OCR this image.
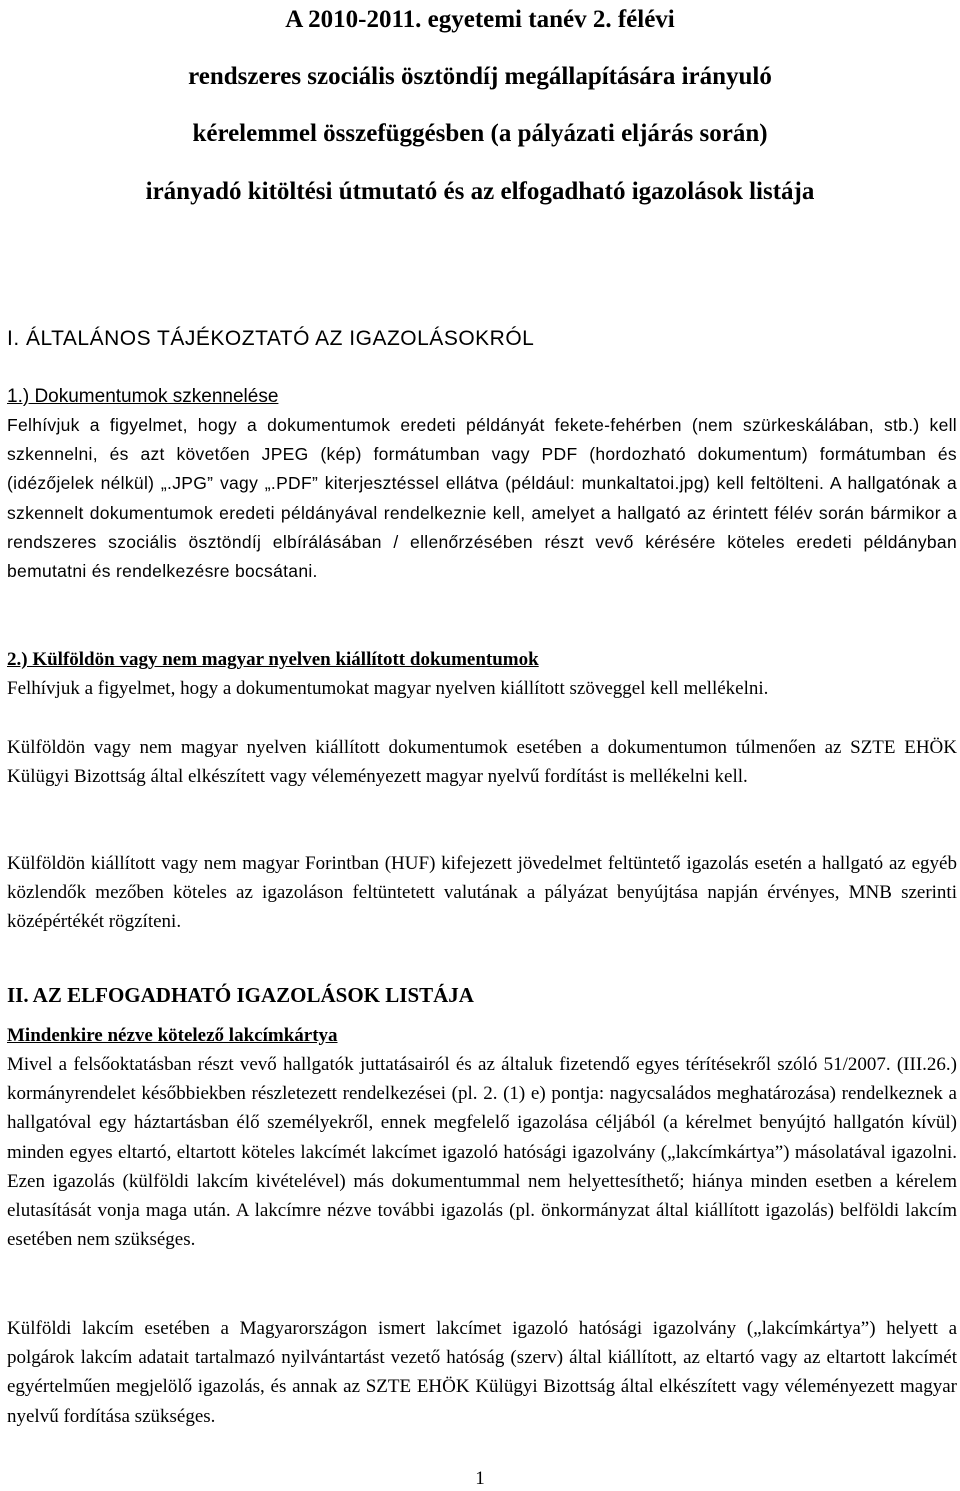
A 2010-2011. egyetemi tanév 2. félévi
rendszeres szociális ösztöndíj megállapítására irányuló
kérelemmel összefüggésben (a pályázati eljárás során)
irányadó kitöltési útmutató és az elfogadható igazolások listája
I. ÁLTALÁNOS TÁJÉKOZTATÓ AZ IGAZOLÁSOKRÓL
1.) Dokumentumok szkennelése
Felhívjuk a figyelmet, hogy a dokumentumok eredeti példányát fekete-fehérben (nem szürkeskálában, stb.) kell szkennelni, és azt követően JPEG (kép) formátumban vagy PDF (hordozható dokumentum) formátumban és (idézőjelek nélkül) „.JPG” vagy „.PDF” kiterjesztéssel ellátva (például: munkaltatoi.jpg) kell feltölteni. A hallgatónak a szkennelt dokumentumok eredeti példányával rendelkeznie kell, amelyet a hallgató az érintett félév során bármikor a rendszeres szociális ösztöndíj elbírálásában / ellenőrzésében részt vevő kérésére köteles eredeti példányban bemutatni és rendelkezésre bocsátani.
2.) Külföldön vagy nem magyar nyelven kiállított dokumentumok
Felhívjuk a figyelmet, hogy a dokumentumokat magyar nyelven kiállított szöveggel kell mellékelni.
Külföldön vagy nem magyar nyelven kiállított dokumentumok esetében a dokumentumon túlmenően az SZTE EHÖK Külügyi Bizottság által elkészített vagy véleményezett magyar nyelvű fordítást is mellékelni kell.
Külföldön kiállított vagy nem magyar Forintban (HUF) kifejezett jövedelmet feltüntető igazolás esetén a hallgató az egyéb közlendők mezőben köteles az igazoláson feltüntetett valutának a pályázat benyújtása napján érvényes, MNB szerinti középértékét rögzíteni.
II. AZ ELFOGADHATÓ IGAZOLÁSOK LISTÁJA
Mindenkire nézve kötelező lakcímkártya
Mivel a felsőoktatásban részt vevő hallgatók juttatásairól és az általuk fizetendő egyes térítésekről szóló 51/2007. (III.26.) kormányrendelet későbbiekben részletezett rendelkezései (pl. 2. (1) e) pontja: nagycsaládos meghatározása) rendelkeznek a hallgatóval egy háztartásban élő személyekről, ennek megfelelő igazolása céljából (a kérelmet benyújtó hallgatón kívül) minden egyes eltartó, eltartott köteles lakcímét lakcímet igazoló hatósági igazolvány („lakcímkártya”) másolatával igazolni. Ezen igazolás (külföldi lakcím kivételével) más dokumentummal nem helyettesíthető; hiánya minden esetben a kérelem elutasítását vonja maga után. A lakcímre nézve további igazolás (pl. önkormányzat által kiállított igazolás) belföldi lakcím esetében nem szükséges.
Külföldi lakcím esetében a Magyarországon ismert lakcímet igazoló hatósági igazolvány („lakcímkártya”) helyett a polgárok lakcím adatait tartalmazó nyilvántartást vezető hatóság (szerv) által kiállított, az eltartó vagy az eltartott lakcímét egyértelműen megjelölő igazolás, és annak az SZTE EHÖK Külügyi Bizottság által elkészített vagy véleményezett magyar nyelvű fordítása szükséges.
1
